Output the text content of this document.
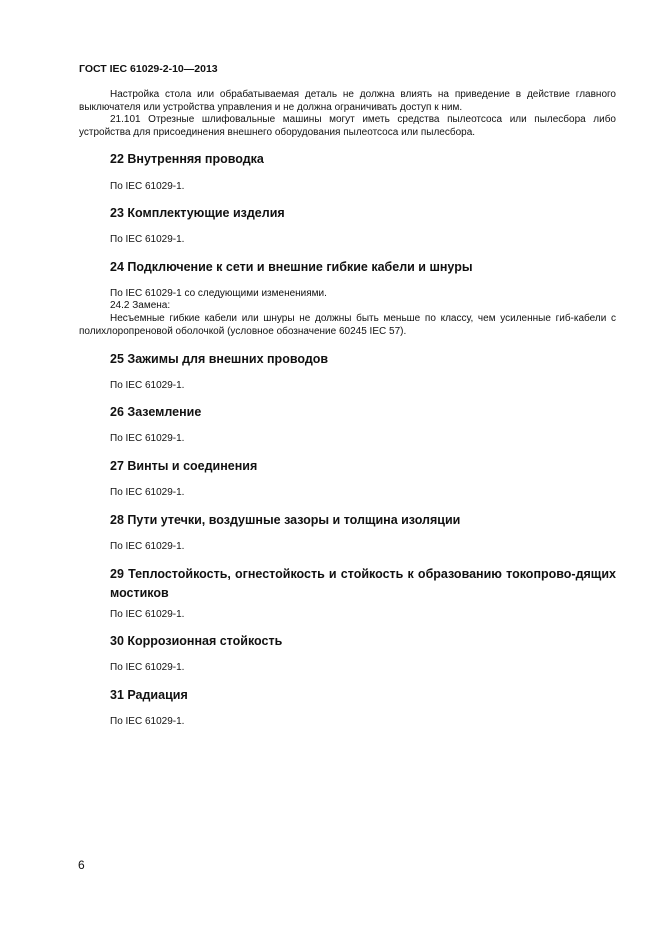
ГОСТ IEC 61029-2-10—2013
Настройка стола или обрабатываемая деталь не должна влиять на приведение в действие главного выключателя или устройства управления и не должна ограничивать доступ к ним.
21.101 Отрезные шлифовальные машины могут иметь средства пылеотсоса или пылесбора либо устройства для присоединения внешнего оборудования пылеотсоса или пылесбора.
22 Внутренняя проводка
По IEC 61029-1.
23 Комплектующие изделия
По IEC 61029-1.
24 Подключение к сети и внешние гибкие кабели и шнуры
По IEC 61029-1 со следующими изменениями.
24.2 Замена:
Несъемные гибкие кабели или шнуры не должны быть меньше по классу, чем усиленные гиб-кабели с полихлоропреновой оболочкой (условное обозначение 60245 IEC 57).
25 Зажимы для внешних проводов
По IEC 61029-1.
26 Заземление
По IEC 61029-1.
27 Винты и соединения
По IEC 61029-1.
28 Пути утечки, воздушные зазоры и толщина изоляции
По IEC 61029-1.
29 Теплостойкость, огнестойкость и стойкость к образованию токопрово-дящих мостиков
По IEC 61029-1.
30 Коррозионная стойкость
По IEC 61029-1.
31 Радиация
По IEC 61029-1.
6
